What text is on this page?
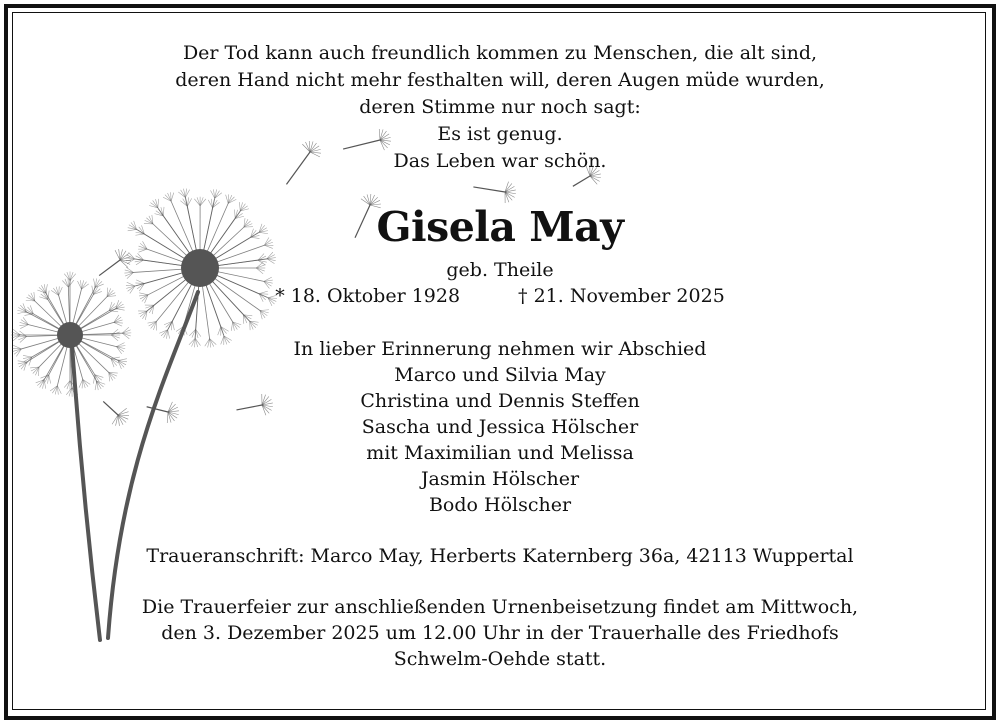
Der Tod kann auch freundlich kommen zu Menschen, die alt sind,
deren Hand nicht mehr festhalten will, deren Augen müde wurden,
deren Stimme nur noch sagt:
Es ist genug.
Das Leben war schön.
Gisela May
geb. Theile
* 18. Oktober 1928	† 21. November 2025
In lieber Erinnerung nehmen wir Abschied
Marco und Silvia May
Christina und Dennis Steffen
Sascha und Jessica Hölscher
mit Maximilian und Melissa
Jasmin Hölscher
Bodo Hölscher
Traueranschrift: Marco May, Herberts Katernberg 36a, 42113 Wuppertal
Die Trauerfeier zur anschließenden Urnenbeisetzung findet am Mittwoch,
den 3. Dezember 2025 um 12.00 Uhr in der Trauerhalle des Friedhofs
Schwelm-Oehde statt.
